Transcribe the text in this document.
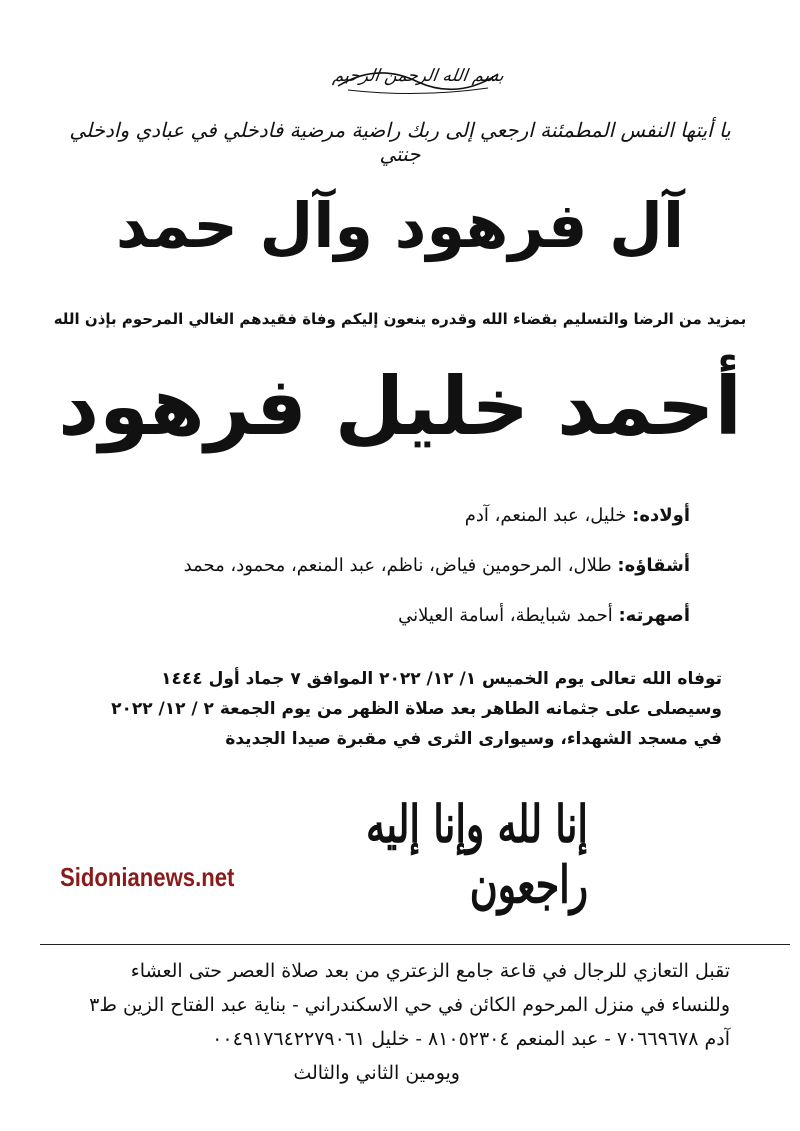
بسم الله الرحمن الرحيم
يا أيتها النفس المطمئنة ارجعي إلى ربك راضية مرضية فادخلي في عبادي وادخلي جنتي
آل فرهود وآل حمد
بمزيد من الرضا والتسليم بقضاء الله وقدره ينعون إليكم وفاة فقيدهم الغالي المرحوم بإذن الله
أحمد خليل فرهود
أولاده: خليل، عبد المنعم، آدم
أشقاؤه: طلال، المرحومين فياض، ناظم، عبد المنعم، محمود، محمد
أصهرته: أحمد شبايطة، أسامة العيلاني

توفاه الله تعالى يوم الخميس ١/ ١٢/ ٢٠٢٢ الموافق ٧ جماد أول ١٤٤٤

وسيصلى على جثمانه الطاهر بعد صلاة الظهر من يوم الجمعة ٢ / ١٢/ ٢٠٢٢

في مسجد الشهداء، وسيوارى الثرى في مقبرة صيدا الجديدة

إنا لله وإنا إليه راجعون
Sidonianews.net

تقبل التعازي للرجال في قاعة جامع الزعتري من بعد صلاة العصر حتى العشاء

وللنساء في منزل المرحوم الكائن في حي الاسكندراني - بناية عبد الفتاح الزين ط٣

آدم ٧٠٦٦٩٦٧٨ - عبد المنعم ٨١٠٥٢٣٠٤ - خليل ٠٠٤٩١٧٦٤٢٢٧٩٠٦١

ويومين الثاني والثالث
